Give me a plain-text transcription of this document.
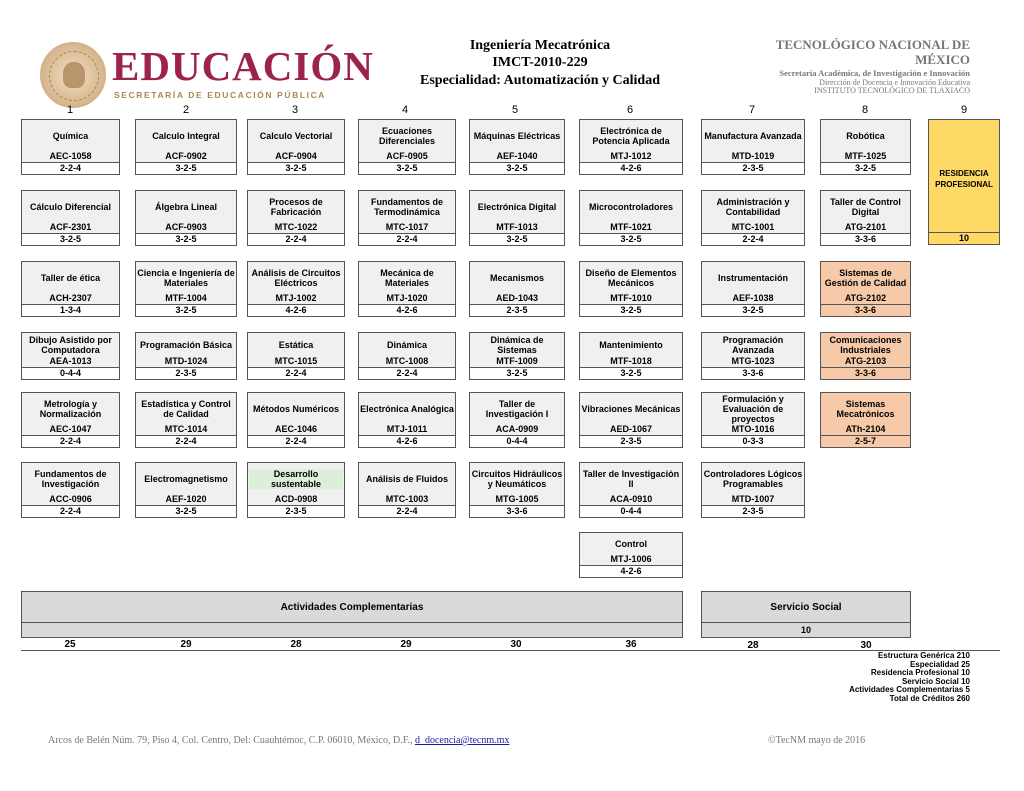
EDUCACIÓN
SECRETARÍA DE EDUCACIÓN PÚBLICA
Ingeniería Mecatrónica
IMCT-2010-229
Especialidad: Automatización y Calidad
TECNOLÓGICO NACIONAL DE
MÉXICO
Secretaría Académica, de Investigación e Innovación
Dirección de Docencia e Innovación Educativa
INSTITUTO TECNOLÓGICO DE TLAXIACO
1	2	3	4	5	6	7	8	9
Química
AEC-1058
2-2-4
Calculo Integral
ACF-0902
3-2-5
Calculo Vectorial
ACF-0904
3-2-5
Ecuaciones Diferenciales
ACF-0905
3-2-5
Máquinas Eléctricas
AEF-1040
3-2-5
Electrónica de Potencia Aplicada
MTJ-1012
4-2-6
Manufactura Avanzada
MTD-1019
2-3-5
Robótica
MTF-1025
3-2-5
Cálculo Diferencial
ACF-2301
3-2-5
Álgebra Lineal
ACF-0903
3-2-5
Procesos de Fabricación
MTC-1022
2-2-4
Fundamentos de Termodinámica
MTC-1017
2-2-4
Electrónica Digital
MTF-1013
3-2-5
Microcontroladores
MTF-1021
3-2-5
Administración y Contabilidad
MTC-1001
2-2-4
Taller de Control Digital
ATG-2101
3-3-6
Taller de ética
ACH-2307
1-3-4
Ciencia e Ingeniería de Materiales
MTF-1004
3-2-5
Análisis de Circuitos Eléctricos
MTJ-1002
4-2-6
Mecánica de Materiales
MTJ-1020
4-2-6
Mecanismos
AED-1043
2-3-5
Diseño de Elementos Mecánicos
MTF-1010
3-2-5
Instrumentación
AEF-1038
3-2-5
Sistemas de Gestión de Calidad
ATG-2102
3-3-6
Dibujo Asistido por Computadora
AEA-1013
0-4-4
Programación Básica
MTD-1024
2-3-5
Estática
MTC-1015
2-2-4
Dinámica
MTC-1008
2-2-4
Dinámica de Sistemas
MTF-1009
3-2-5
Mantenimiento
MTF-1018
3-2-5
Programación Avanzada
MTG-1023
3-3-6
Comunicaciones Industriales
ATG-2103
3-3-6
Metrología y Normalización
AEC-1047
2-2-4
Estadística y Control de Calidad
MTC-1014
2-2-4
Métodos Numéricos
AEC-1046
2-2-4
Electrónica Analógica
MTJ-1011
4-2-6
Taller de Investigación I
ACA-0909
0-4-4
Vibraciones Mecánicas
AED-1067
2-3-5
Formulación y Evaluación de proyectos
MTO-1016
0-3-3
Sistemas Mecatrónicos
ATh-2104
2-5-7
Fundamentos de Investigación
ACC-0906
2-2-4
Electromagnetismo
AEF-1020
3-2-5
Desarrollo sustentable
ACD-0908
2-3-5
Análisis de Fluidos
MTC-1003
2-2-4
Circuitos Hidráulicos y Neumáticos
MTG-1005
3-3-6
Taller de Investigación II
ACA-0910
0-4-4
Controladores Lógicos Programables
MTD-1007
2-3-5
Control
MTJ-1006
4-2-6
RESIDENCIA PROFESIONAL
10
Actividades Complementarias	Servicio Social
10
25	29	28	29	30	36	28	30
Estructura Genérica 210
Especialidad 25
Residencia Profesional 10
Servicio Social 10
Actividades Complementarias 5
Total de Créditos 260
Arcos de Belén Núm. 79, Piso 4, Col. Centro, Del: Cuauhtémoc, C.P. 06010, México, D.F., d_docencia@tecnm.mx	©TecNM mayo de 2016
